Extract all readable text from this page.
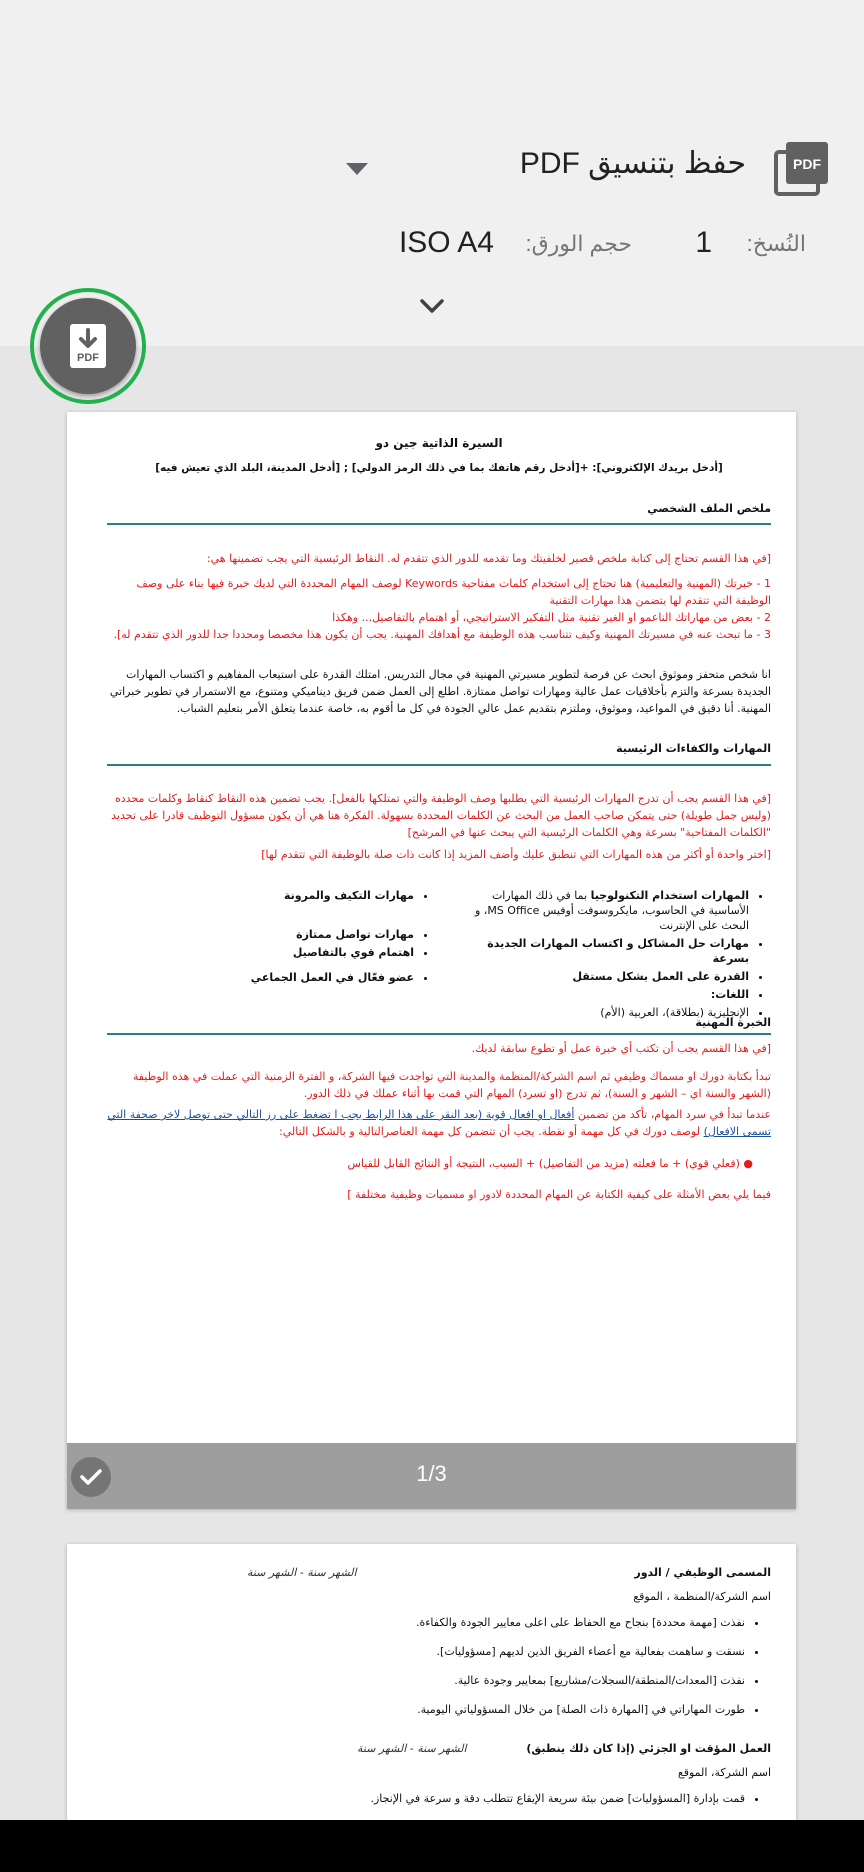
PDF
حفظ بتنسيق PDF
النُسخ:
1
حجم الورق:
ISO A4
السيرة الذاتية جين دو
[أدخل بريدك الإلكتروني]: +[أدخل رقم هاتفك بما في ذلك الرمز الدولي] ; [أدخل المدينة، البلد الذي تعيش فيه]
ملخص الملف الشخصي
[في هذا القسم تحتاج إلى كتابة ملخص قصير لخلفيتك وما تقدمه للدور الذي تتقدم له. النقاط الرئيسية التي يجب تضمينها هي:

1 - خبرتك (المهنية والتعليمية) هنا تحتاج إلى استخدام كلمات مفتاحية Keywords لوصف المهام المحددة التي لديك خبرة فيها بناء على وصف الوظيفة التي تتقدم لها يتضمن هذا مهارات التقنية

2 - بعض من مهاراتك الناعمو او الغير تقنية مثل التفكير الاستراتيجي، أو اهتمام بالتفاصيل... وهكذا

3 - ما تبحث عنه في مسيرتك المهنية وكيف تتناسب هذه الوظيفة مع أهدافك المهنية. يجب أن يكون هذا مخصصا ومحددا جدا للدور الذي تتقدم له].

انا شخص متحفز وموثوق ابحث عن فرصة لتطوير مسيرتي المهنية في مجال التدريس. امتلك القدرة على استيعاب المفاهيم و اكتساب المهارات الجديدة بسرعة والتزم بأخلاقيات عمل عالية ومهارات تواصل ممتازة. اطلع إلى العمل ضمن فريق ديناميكي ومتنوع، مع الاستمرار في تطوير خبراتي المهنية. أنا دقيق في المواعيد، وموثوق، وملتزم بتقديم عمل عالي الجودة في كل ما أقوم به، خاصة عندما يتعلق الأمر بتعليم الشباب.
المهارات والكفاءات الرئيسية
[في هذا القسم يجب أن تدرج المهارات الرئيسية التي يطلبها وصف الوظيفة والتي تمتلكها بالفعل]. يجب تضمين هذه النقاط كنقاط وكلمات محدده (وليس جمل طويلة) حتى يتمكن صاحب العمل من البحث عن الكلمات المحددة بسهولة. الفكرة هنا هي أن يكون مسؤول التوظيف قادرا على تحديد "الكلمات المفتاحية" بسرعة وهي الكلمات الرئيسية التي يبحث عنها في المرشح]
[اختر واحدة أو أكثر من هذه المهارات التي تنطبق عليك وأضف المزيد إذا كانت ذات صلة بالوظيفة التي تتقدم لها]
• المهارات استخدام التكنولوجيا بما في ذلك المهارات الأساسية في الحاسوب، مايكروسوفت أوفيس MS Office، و البحث على الإنترنت
• مهارات حل المشاكل و اكتساب المهارات الجديدة بسرعة
• القدرة على العمل بشكل مستقل
• اللغات:
• الإنجليزية (بطلاقة)، العربية (الأم)
• مهارات التكيف والمرونة
• مهارات تواصل ممتازة
• اهتمام قوي بالتفاصيل
• عضو فعّال في العمل الجماعي
الخبرة المهنية
[في هذا القسم يجب أن تكتب أي خبرة عمل أو تطوع سابقة لديك.
تبدأ بكتابة دورك او مسماك وظيفي ثم اسم الشركة/المنظمة والمدينة التي تواجدت فيها الشركة، و الفترة الزمنية التي عملت في هذه الوظيفة (الشهر والسنة اي – الشهر و السنة)، ثم تدرج (او تسرد) المهام التي قمت بها أثناء عملك في ذلك الدور.
عندما تبدأ في سرد المهام، تأكد من تضمين أفعال او افعال قوية (بعد النقر على هذا الرابط يجب ا تضغط على رز التالي حتى توصل لاخر صحفة التي تسمى الافعال) لوصف دورك في كل مهمة أو نقطة. يجب أن تتضمن كل مهمة العناصرالتالية و بالشكل التالي:
● (فعلي قوي) + ما فعلته (مزيد من التفاصيل) + السبب، النتيجة أو النتائج القابل للقياس
فيما يلي بعض الأمثلة على كيفية الكتابة عن المهام المحددة لادور او مسميات وظيفية مختلفة ]
1/3
المسمى الوظيفي / الدور
الشهر سنة - الشهر سنة
اسم الشركة/المنظمة ، الموقع
• نفذت [مهمة محددة] بنجاح مع الحفاظ على اعلى معايير الجودة والكفاءة.
• نسقت و ساهمت بفعالية مع أعضاء الفريق الذين لديهم [مسؤوليات].
• نفذت [المعدات/المنطقة/السجلات/مشاريع] بمعايير وجودة عالية.
• طورت المهاراتي في [المهارة ذات الصلة] من خلال المسؤولياتي اليومية.
العمل المؤقت او الجزئي (إذا كان ذلك ينطبق)
الشهر سنة - الشهر سنة
اسم الشركة، الموقع
• قمت بإدارة [المسؤوليات] ضمن بيئة سريعة الإيقاع تتطلب دقة و سرعة في الإنجاز.
PDF
